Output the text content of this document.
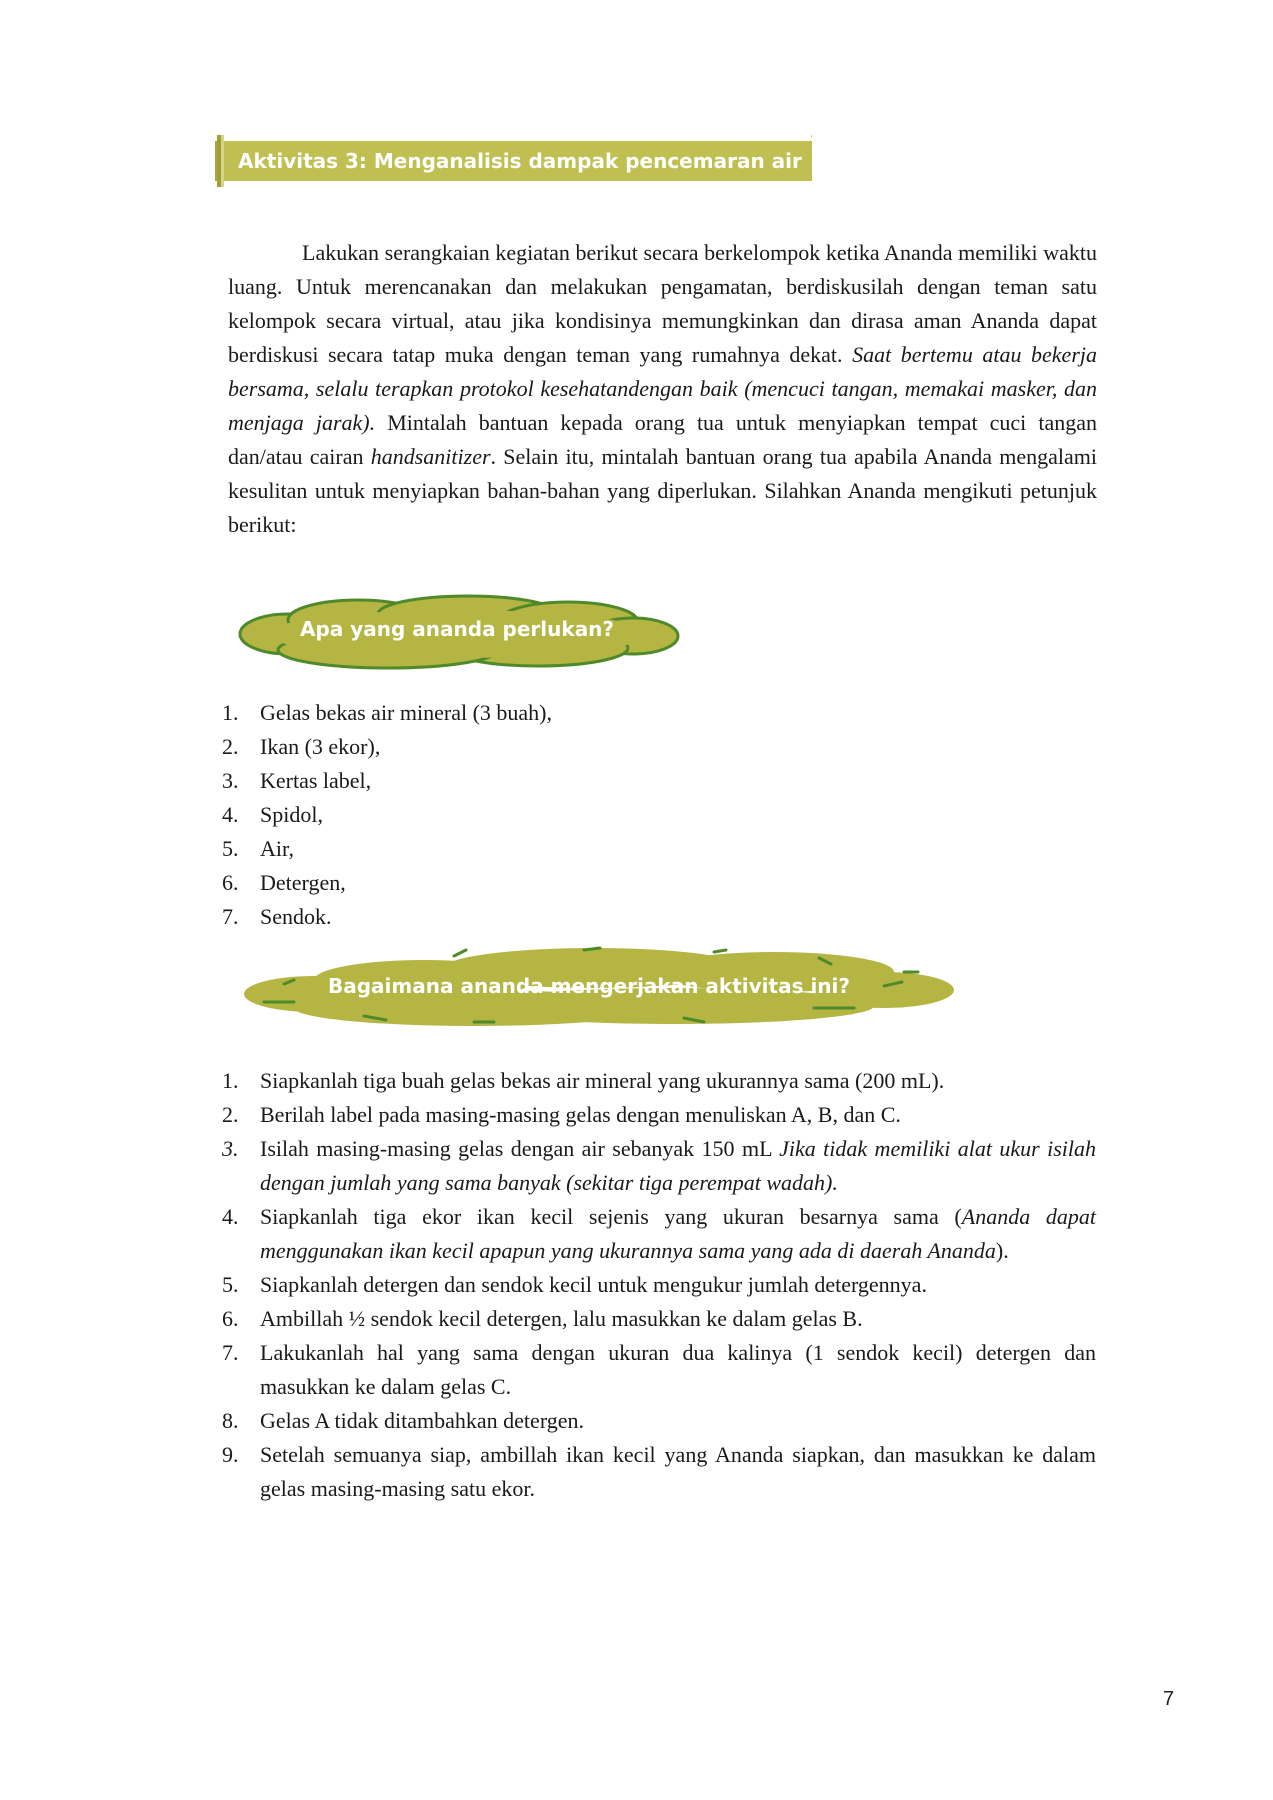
Aktivitas 3: Menganalisis dampak pencemaran air

Lakukan serangkaian kegiatan berikut secara berkelompok ketika Ananda memiliki waktu luang. Untuk merencanakan dan melakukan pengamatan, berdiskusilah dengan teman satu kelompok secara virtual, atau jika kondisinya memungkinkan dan dirasa aman Ananda dapat berdiskusi secara tatap muka dengan teman yang rumahnya dekat. Saat bertemu atau bekerja bersama, selalu terapkan protokol kesehatandengan baik (mencuci tangan, memakai masker, dan menjaga jarak). Mintalah bantuan kepada orang tua untuk menyiapkan tempat cuci tangan dan/atau cairan handsanitizer. Selain itu, mintalah bantuan orang tua apabila Ananda mengalami kesulitan untuk menyiapkan bahan-bahan yang diperlukan. Silahkan Ananda mengikuti petunjuk berikut:

Apa yang ananda perlukan?
1. Gelas bekas air mineral (3 buah),
2. Ikan (3 ekor),
3. Kertas label,
4. Spidol,
5. Air,
6. Detergen,
7. Sendok.
Bagaimana ananda mengerjakan aktivitas ini?
1. Siapkanlah tiga buah gelas bekas air mineral yang ukurannya sama (200 mL).
2. Berilah label pada masing-masing gelas dengan menuliskan A, B, dan C.
3. Isilah masing-masing gelas dengan air sebanyak 150 mL Jika tidak memiliki alat ukur isilah dengan jumlah yang sama banyak (sekitar tiga perempat wadah).
4. Siapkanlah tiga ekor ikan kecil sejenis yang ukuran besarnya sama (Ananda dapat menggunakan ikan kecil apapun yang ukurannya sama yang ada di daerah Ananda).
5. Siapkanlah detergen dan sendok kecil untuk mengukur jumlah detergennya.
6. Ambillah ½ sendok kecil detergen, lalu masukkan ke dalam gelas B.
7. Lakukanlah hal yang sama dengan ukuran dua kalinya (1 sendok kecil) detergen dan masukkan ke dalam gelas C.
8. Gelas A tidak ditambahkan detergen.
9. Setelah semuanya siap, ambillah ikan kecil yang Ananda siapkan, dan masukkan ke dalam gelas masing-masing satu ekor.
7
